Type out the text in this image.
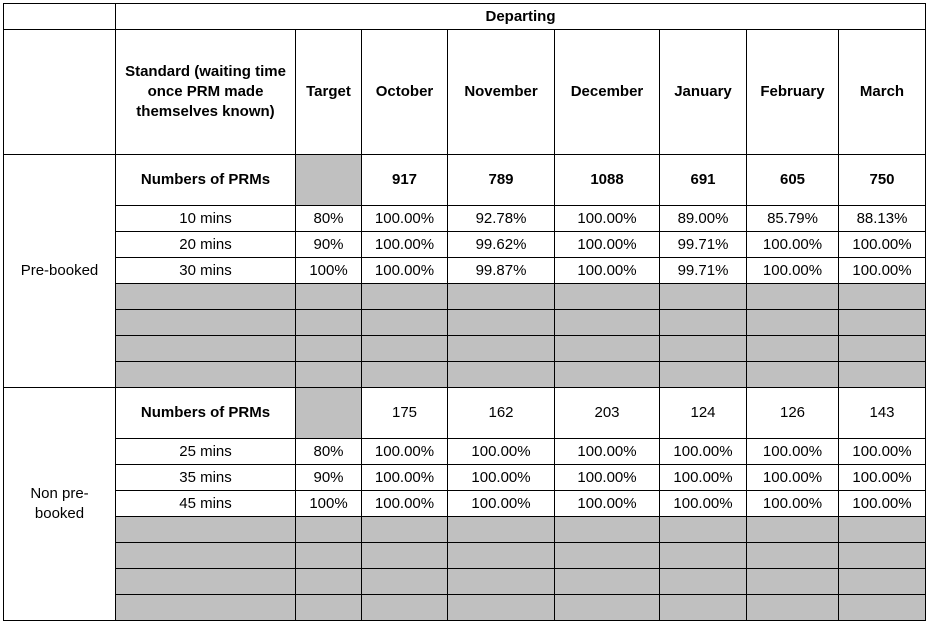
	Departing							
	Standard (waiting time once PRM made themselves known)	Target	October	November	December	January	February	March
Pre-booked	Numbers of PRMs		917	789	1088	691	605	750
	10 mins	80%	100.00%	92.78%	100.00%	89.00%	85.79%	88.13%
	20 mins	90%	100.00%	99.62%	100.00%	99.71%	100.00%	100.00%
	30 mins	100%	100.00%	99.87%	100.00%	99.71%	100.00%	100.00%

Non pre-booked	Numbers of PRMs		175	162	203	124	126	143
	25 mins	80%	100.00%	100.00%	100.00%	100.00%	100.00%	100.00%
	35 mins	90%	100.00%	100.00%	100.00%	100.00%	100.00%	100.00%
	45 mins	100%	100.00%	100.00%	100.00%	100.00%	100.00%	100.00%
